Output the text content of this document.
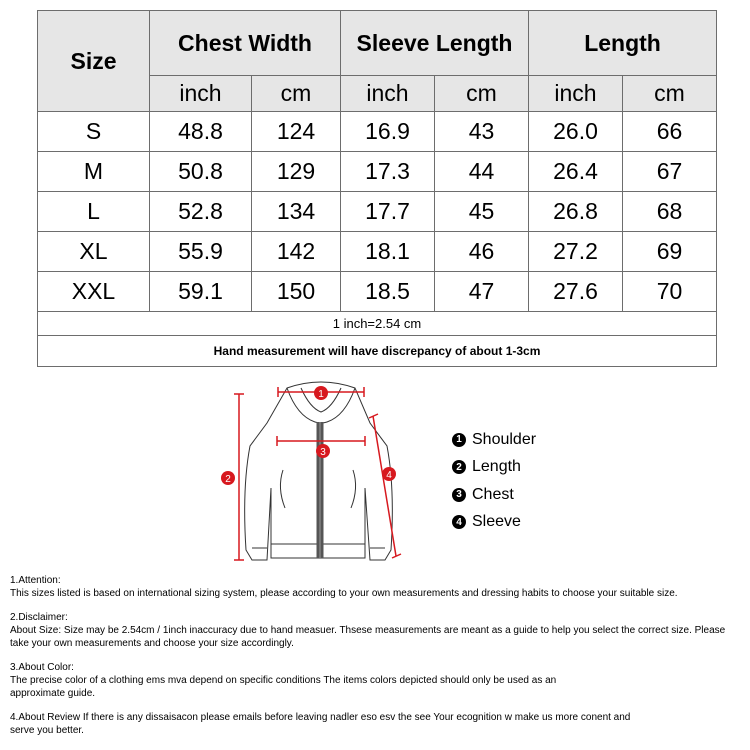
Size	Chest Width		Sleeve Length		Length	
	inch	cm	inch	cm	inch	cm
S	48.8	124	16.9	43	26.0	66
M	50.8	129	17.3	44	26.4	67
L	52.8	134	17.7	45	26.8	68
XL	55.9	142	18.1	46	27.2	69
XXL	59.1	150	18.5	47	27.6	70
1 inch=2.54 cm						
Hand measurement will have discrepancy of about 1-3cm						
1
3
2	4
1 Shoulder
2 Length
3 Chest
4 Sleeve

1.Attention:
This sizes listed is based on international sizing system, please according to your own measurements and dressing habits to choose your suitable size.

2.Disclaimer:
About Size: Size may be 2.54cm / 1inch inaccuracy due to hand measuer. Thsese measurements are meant as a guide to help you select the correct size. Please take your own measurements and choose your size accordingly.

3.About Color:
The precise color of a clothing ems mva depend on specific conditions The items colors depicted should only be used as an approximate guide.

4.About Review If there is any dissaisacon please emails before leaving nadler eso esv the see Your ecognition w make us more conent and serve you better.
